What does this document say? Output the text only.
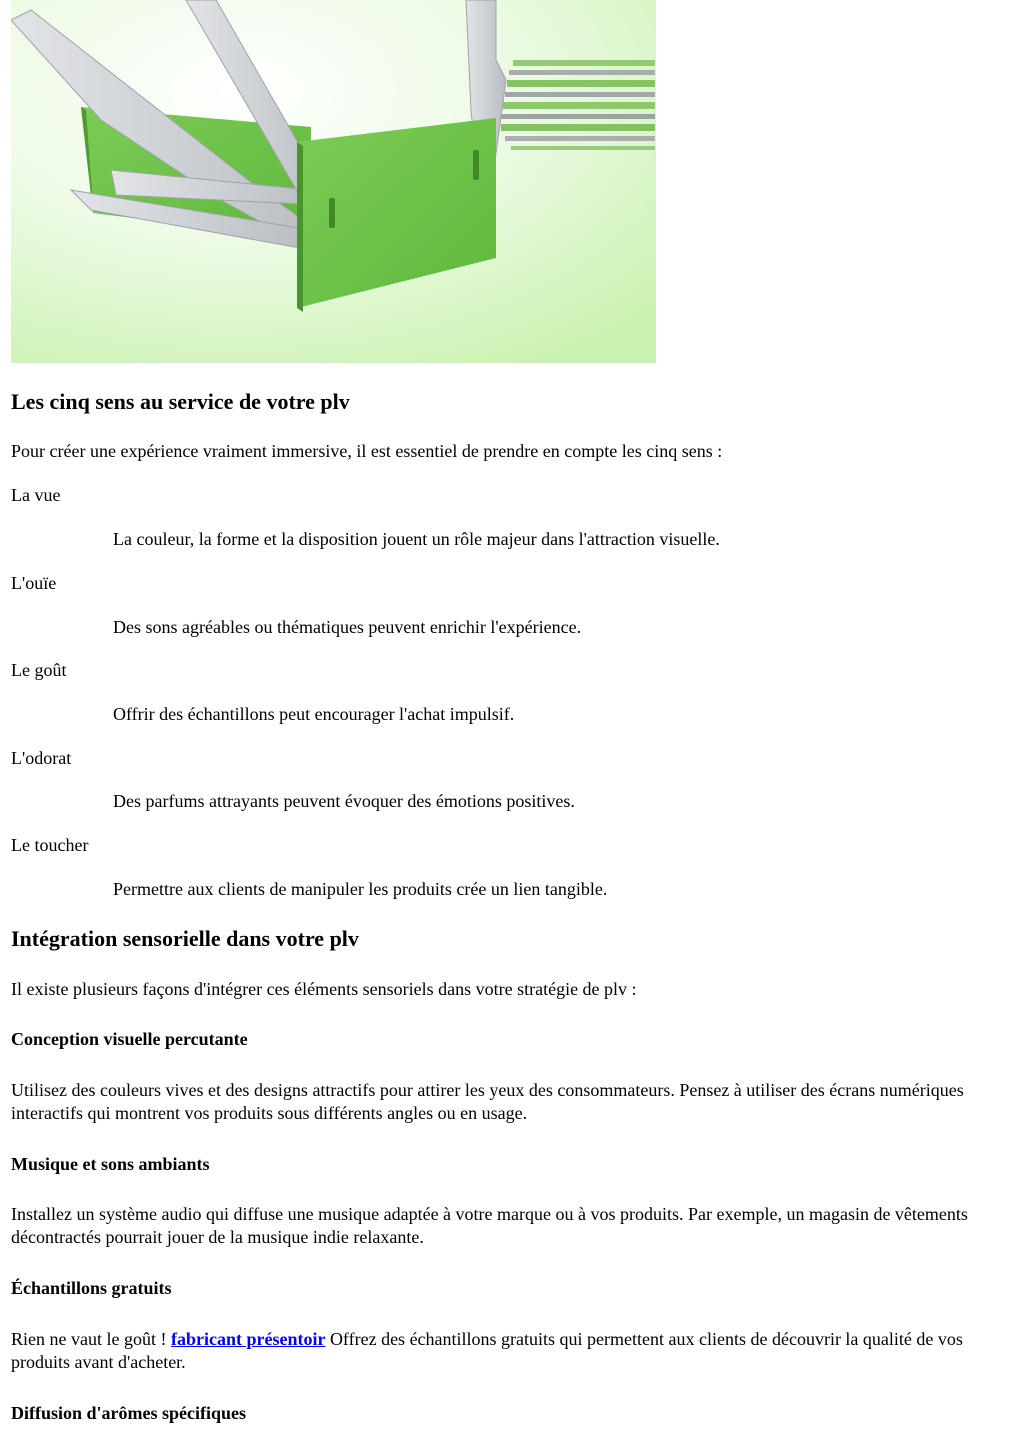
Les cinq sens au service de votre plv

Pour créer une expérience vraiment immersive, il est essentiel de prendre en compte les cinq sens :

La vue
La couleur, la forme et la disposition jouent un rôle majeur dans l'attraction visuelle.
L'ouïe
Des sons agréables ou thématiques peuvent enrichir l'expérience.
Le goût
Offrir des échantillons peut encourager l'achat impulsif.
L'odorat
Des parfums attrayants peuvent évoquer des émotions positives.
Le toucher
Permettre aux clients de manipuler les produits crée un lien tangible.
Intégration sensorielle dans votre plv

Il existe plusieurs façons d'intégrer ces éléments sensoriels dans votre stratégie de plv :

Conception visuelle percutante

Utilisez des couleurs vives et des designs attractifs pour attirer les yeux des consommateurs. Pensez à utiliser des écrans numériques interactifs qui montrent vos produits sous différents angles ou en usage.

Musique et sons ambiants

Installez un système audio qui diffuse une musique adaptée à votre marque ou à vos produits. Par exemple, un magasin de vêtements décontractés pourrait jouer de la musique indie relaxante.

Échantillons gratuits

Rien ne vaut le goût ! fabricant présentoir Offrez des échantillons gratuits qui permettent aux clients de découvrir la qualité de vos produits avant d'acheter.

Diffusion d'arômes spécifiques
